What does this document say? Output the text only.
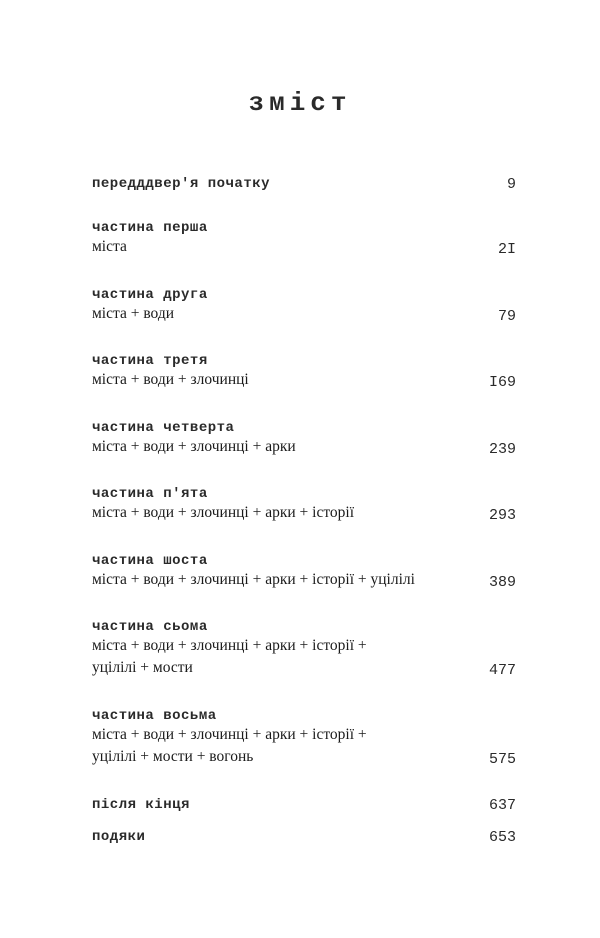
зміст
передддвер'я початку	9
частина перша
міста	2I
частина друга
міста + води	79
частина третя
міста + води + злочинці	I69
частина четверта
міста + води + злочинці + арки	239
частина п'ята
міста + води + злочинці + арки + історії	293
частина шоста
міста + води + злочинці + арки + історії + уцілілі	389
частина сьома
міста + води + злочинці + арки + історії +
уцілілі + мости	477
частина восьма
міста + води + злочинці + арки + історії +
уцілілі + мости + вогонь	575
після кінця	637
подяки	653
